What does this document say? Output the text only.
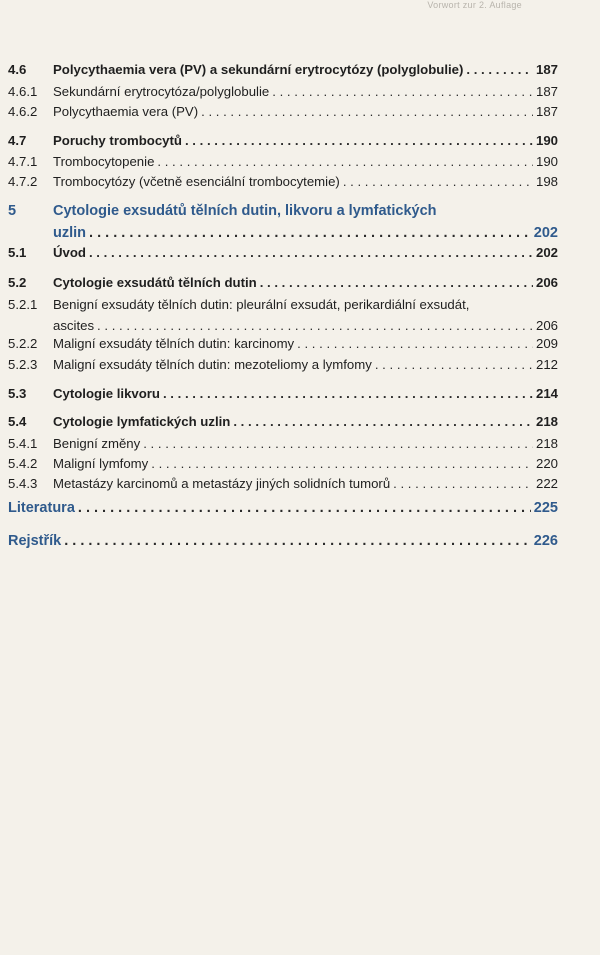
Vorwort zur 2. Auflage
4.6	Polycythaemia vera (PV) a sekundární erytrocytózy (polyglobulie) . . .	187
4.6.1	Sekundární erytrocytóza/polyglobulie . . .	187
4.6.2	Polycythaemia vera (PV) . . .	187
4.7	Poruchy trombocytů . . .	190
4.7.1	Trombocytopenie . . .	190
4.7.2	Trombocytózy (včetně esenciální trombocytemie) . . .	198
5	Cytologie exsudátů tělních dutin, likvoru a lymfatických
uzlin . . .	202
5.1	Úvod . . .	202
5.2	Cytologie exsudátů tělních dutin . . .	206
5.2.1	Benigní exsudáty tělních dutin: pleurální exsudát, perikardiální exsudát,
ascites . . .	206
5.2.2	Maligní exsudáty tělních dutin: karcinomy . . .	209
5.2.3	Maligní exsudáty tělních dutin: mezoteliomy a lymfomy . . .	212
5.3	Cytologie likvoru . . .	214
5.4	Cytologie lymfatických uzlin . . .	218
5.4.1	Benigní změny . . .	218
5.4.2	Maligní lymfomy . . .	220
5.4.3	Metastázy karcinomů a metastázy jiných solidních tumorů . . .	222
Literatura . . .	225
Rejstřík . . .	226
